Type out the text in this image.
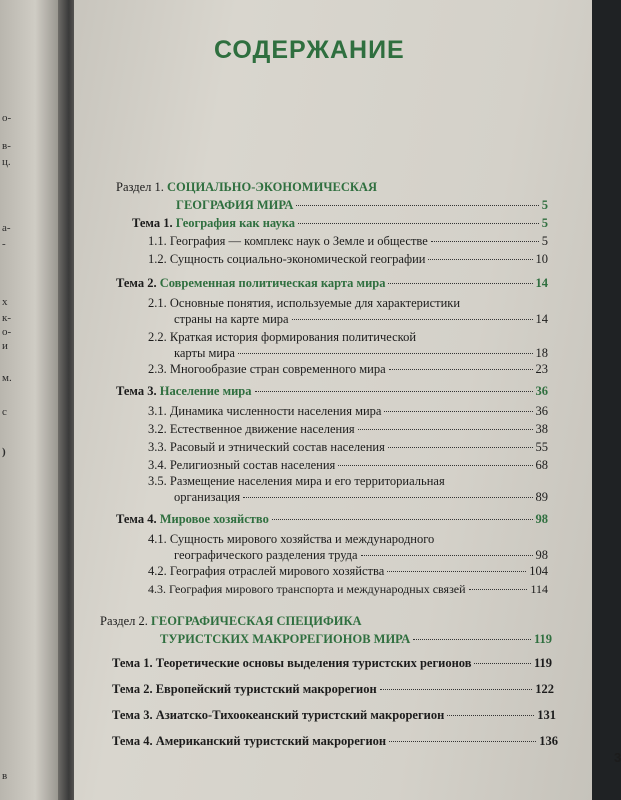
о-
в-
ц.
а-
-
х
к-
о-
и
м.
с
)
в
СОДЕРЖАНИЕ
Раздел 1. СОЦИАЛЬНО-ЭКОНОМИЧЕСКАЯ
ГЕОГРАФИЯ МИРА	5
Тема 1. География как наука	5
1.1. География — комплекс наук о Земле и обществе	5
1.2. Сущность социально-экономической географии	10
Тема 2. Современная политическая карта мира	14
2.1. Основные понятия, используемые для характеристики
страны на карте мира	14
2.2. Краткая история формирования политической
карты мира	18
2.3. Многообразие стран современного мира	23
Тема 3. Население мира	36
3.1. Динамика численности населения мира	36
3.2. Естественное движение населения	38
3.3. Расовый и этнический состав населения	55
3.4. Религиозный состав населения	68
3.5. Размещение населения мира и его территориальная
организация	89
Тема 4. Мировое хозяйство	98
4.1. Сущность мирового хозяйства и международного
географического разделения труда	98
4.2. География отраслей мирового хозяйства	104
4.3. География мирового транспорта и международных связей	114
Раздел 2. ГЕОГРАФИЧЕСКАЯ СПЕЦИФИКА
ТУРИСТСКИХ МАКРОРЕГИОНОВ МИРА	119
Тема 1. Теоретические основы выделения туристских регионов	119
Тема 2. Европейский туристский макрорегион	122
Тема 3. Азиатско-Тихоокеанский туристский макрорегион	131
Тема 4. Американский туристский макрорегион	136
3
